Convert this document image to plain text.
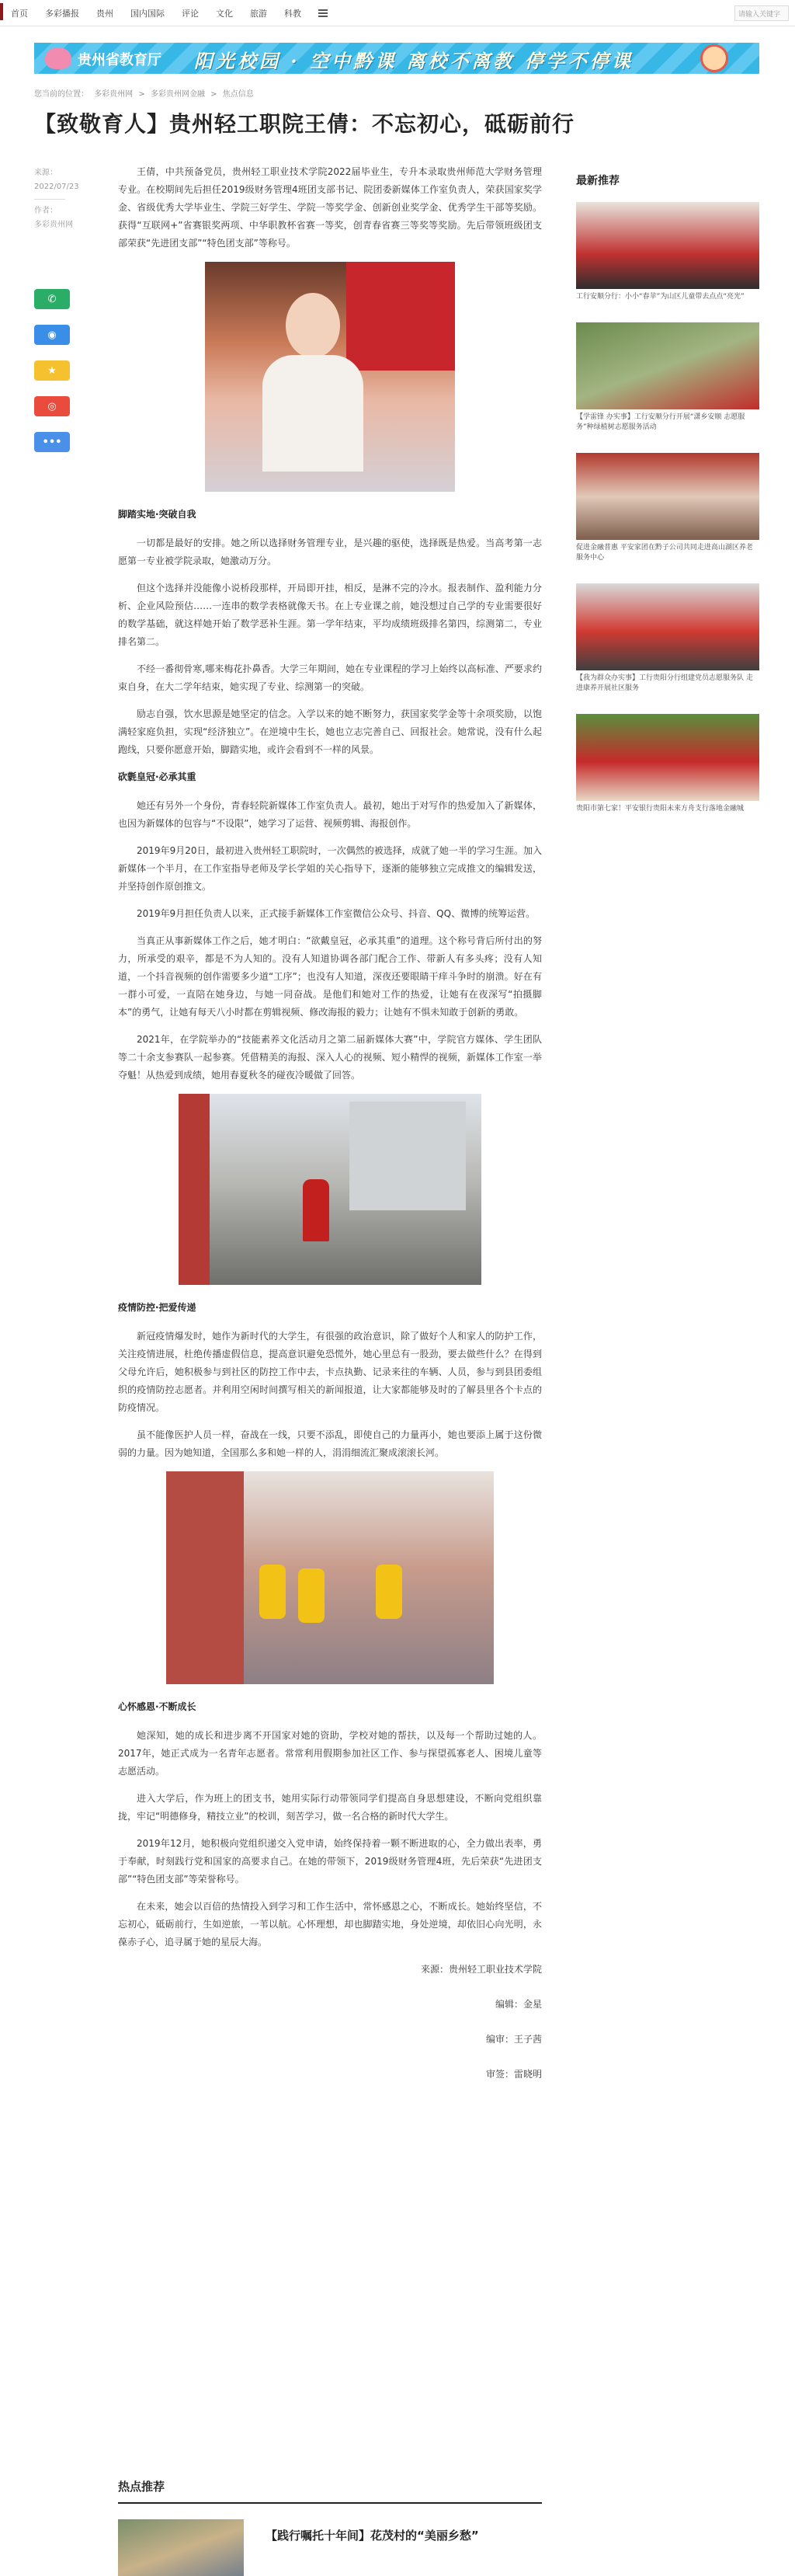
首页 多彩播报 贵州 国内国际 评论 文化 旅游 科教	请输入关键字
贵州省教育厅 阳光校园 · 空中黔课 离校不离教 停学不停课
您当前的位置： 多彩贵州网 > 多彩贵州网金融 > 焦点信息
【致敬育人】贵州轻工职院王倩：不忘初心，砥砺前行
来源：
2022/07/23
作者：
多彩贵州网
✆
◉
★
◎
•••

王倩，中共预备党员，贵州轻工职业技术学院2022届毕业生，专升本录取贵州师范大学财务管理专业。在校期间先后担任2019级财务管理4班团支部书记、院团委新媒体工作室负责人，荣获国家奖学金、省级优秀大学毕业生、学院三好学生、学院一等奖学金、创新创业奖学金、优秀学生干部等奖励。获得“互联网+”省赛银奖两项、中华职教杯省赛一等奖，创青春省赛三等奖等奖励。先后带领班级团支部荣获“先进团支部”“特色团支部”等称号。

脚踏实地·突破自我

一切都是最好的安排。她之所以选择财务管理专业，是兴趣的驱使，选择既是热爱。当高考第一志愿第一专业被学院录取，她激动万分。

但这个选择并没能像小说桥段那样，开局即开挂，相反，是淋不完的冷水。报表制作、盈利能力分析、企业风险预估……一连串的数学表格就像天书。在上专业课之前，她没想过自己学的专业需要很好的数学基础，就这样她开始了数学恶补生涯。第一学年结束，平均成绩班级排名第四，综测第二，专业排名第二。

不经一番彻骨寒,哪来梅花扑鼻香。大学三年期间，她在专业课程的学习上始终以高标准、严要求约束自身，在大二学年结束，她实现了专业、综测第一的突破。

励志自强，饮水思源是她坚定的信念。入学以来的她不断努力，获国家奖学金等十余项奖励，以饱满轻家庭负担，实现“经济独立”。在逆境中生长，她也立志完善自己、回报社会。她常说，没有什么起跑线，只要你愿意开始，脚踏实地，或许会看到不一样的风景。

砍氋皇冠·必承其重

她还有另外一个身份，青春轻院新媒体工作室负责人。最初，她出于对写作的热爱加入了新媒体，也因为新媒体的包容与“不设限”，她学习了运营、视频剪辑、海报创作。

2019年9月20日，最初进入贵州轻工职院时，一次偶然的被选择，成就了她一半的学习生涯。加入新媒体一个半月，在工作室指导老师及学长学姐的关心指导下，逐渐的能够独立完成推文的编辑发送，并坚持创作原创推文。

2019年9月担任负责人以来，正式接手新媒体工作室微信公众号、抖音、QQ、微博的统筹运营。

当真正从事新媒体工作之后，她才明白：“欲戴皇冠，必承其重”的道理。这个称号背后所付出的努力，所承受的艰辛，都是不为人知的。没有人知道协调各部门配合工作、带新人有多头疼；没有人知道，一个抖音视频的创作需要多少道“工序”；也没有人知道，深夜还要眼睛干痒斗争时的崩溃。好在有一群小可爱，一直陪在她身边，与她一同奋战。是他们和她对工作的热爱，让她有在夜深写“拍摄脚本”的勇气，让她有每天八小时都在剪辑视频、修改海报的毅力；让她有不惧未知敢于创新的勇敢。

2021年，在学院举办的“技能素养文化活动月之第二届新媒体大赛”中，学院官方媒体、学生团队等二十余支参赛队一起参赛。凭借精美的海报、深入人心的视频、短小精悍的视频，新媒体工作室一举夺魁！从热爱到成绩，她用春夏秋冬的碰夜冷暖做了回答。

疫情防控·把爱传递

新冠疫情爆发时，她作为新时代的大学生，有很强的政治意识，除了做好个人和家人的防护工作，关注疫情进展，杜绝传播虚假信息，提高意识避免恐慌外，她心里总有一股劲，要去做些什么？在得到父母允许后，她积极参与到社区的防控工作中去，卡点执勤、记录来往的车辆、人员，参与到县团委组织的疫情防控志愿者。并利用空闲时间撰写相关的新闻报道，让大家都能够及时的了解县里各个卡点的防疫情况。

虽不能像医护人员一样，奋战在一线，只要不添乱，即使自己的力量再小，她也要添上属于这份微弱的力量。因为她知道，全国那么多和她一样的人，涓涓细流汇聚成滚滚长河。

心怀感恩·不断成长

她深知，她的成长和进步离不开国家对她的资助，学校对她的帮扶，以及每一个帮助过她的人。2017年，她正式成为一名青年志愿者。常常利用假期参加社区工作、参与探望孤寡老人、困境儿童等志愿活动。

进入大学后，作为班上的团支书，她用实际行动带领同学们提高自身思想建设，不断向党组织靠拢，牢记“明德修身，精技立业”的校训，刻苦学习，做一名合格的新时代大学生。

2019年12月，她积极向党组织递交入党申请，始终保持着一颗不断进取的心，全力做出表率，勇于奉献，时刻践行党和国家的高要求自己。在她的带领下，2019级财务管理4班，先后荣获“先进团支部”“特色团支部”等荣誉称号。

在未来，她会以百倍的热情投入到学习和工作生活中，常怀感恩之心，不断成长。她始终坚信，不忘初心，砥砺前行，生如逆旅，一苇以航。心怀理想，却也脚踏实地，身处逆境，却依旧心向光明，永葆赤子心，追寻属于她的星辰大海。

来源：贵州轻工职业技术学院
编辑：金星
编审：王子茜
审签：雷晓明
最新推荐
工行安顺分行：小小“春苹”为山区儿童带去点点“亮光”
【学雷锋 办实事】工行安顺分行开展“潇乡安顺 志愿服务”种绿植树志愿服务活动
促进金融普惠 平安家团在黔子公司共同走进高山湖区养老服务中心
【我为群众办实事】工行贵阳分行组建党员志愿服务队 走进康养开展社区服务
贵阳市第七家！平安银行贵阳未来方舟支行落地金融城
热点推荐
【践行嘱托十年间】花茂村的“美丽乡愁”
